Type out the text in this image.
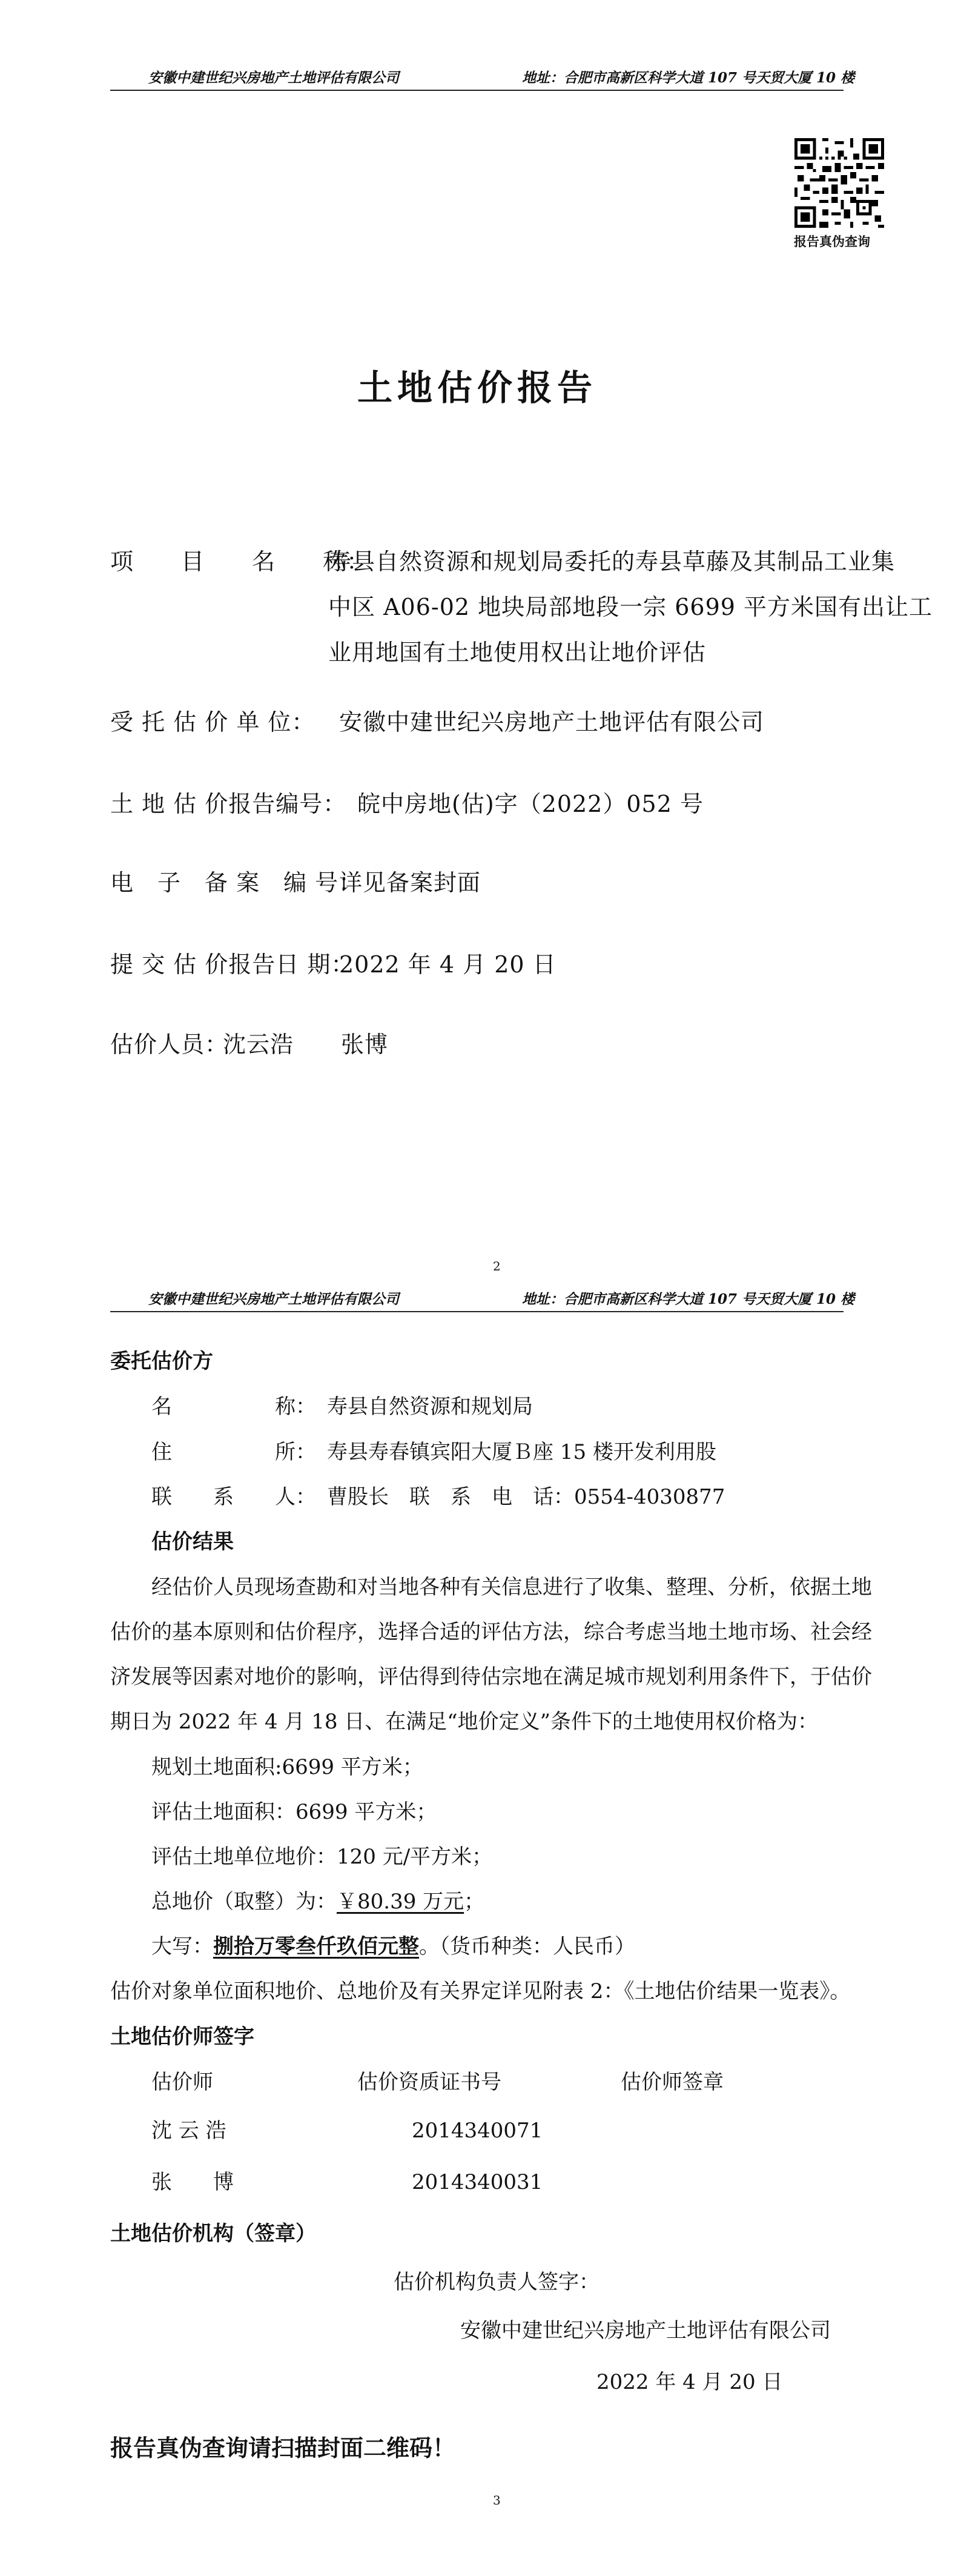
安徽中建世纪兴房地产土地评估有限公司	地址：合肥市高新区科学大道 107 号天贸大厦 10 楼
报告真伪查询
土地估价报告
项　　目　　名　　称：
寿县自然资源和规划局委托的寿县草藤及其制品工业集
中区 A06-02 地块局部地段一宗 6699 平方米国有出让工
业用地国有土地使用权出让地价评估
受 托 估 价 单 位： 安徽中建世纪兴房地产土地评估有限公司
土 地 估 价报告编号： 皖中房地(估)字（2022）052 号
电　子　备 案　编 号：
详见备案封面
提 交 估 价报告日 期：
2022 年 4 月 20 日
估价人员：
沈云浩　　张博
2
安徽中建世纪兴房地产土地评估有限公司	地址：合肥市高新区科学大道 107 号天贸大厦 10 楼
委托估价方
名　　　　　称： 寿县自然资源和规划局
住　　　　　所： 寿县寿春镇宾阳大厦Ｂ座 15 楼开发利用股
联　　系　　人： 曹股长　联　系　电　话：0554-4030877
估价结果
　　经估价人员现场查勘和对当地各种有关信息进行了收集、整理、分析，依据土地
估价的基本原则和估价程序，选择合适的评估方法，综合考虑当地土地市场、社会经
济发展等因素对地价的影响，评估得到待估宗地在满足城市规划利用条件下，于估价
期日为 2022 年 4 月 18 日、在满足“地价定义”条件下的土地使用权价格为：
规划土地面积:6699 平方米；
评估土地面积：6699 平方米；
评估土地单位地价：120 元/平方米；
总地价（取整）为：￥80.39 万元；
大写：捌拾万零叁仟玖佰元整。（货币种类：人民币）
估价对象单位面积地价、总地价及有关界定详见附表 2：《土地估价结果一览表》。
土地估价师签字
估价师	估价资质证书号	估价师签章
沈 云 浩	2014340071
张　　博	2014340031
土地估价机构（签章）
估价机构负责人签字：
安徽中建世纪兴房地产土地评估有限公司
2022 年 4 月 20 日
报告真伪查询请扫描封面二维码！
3
